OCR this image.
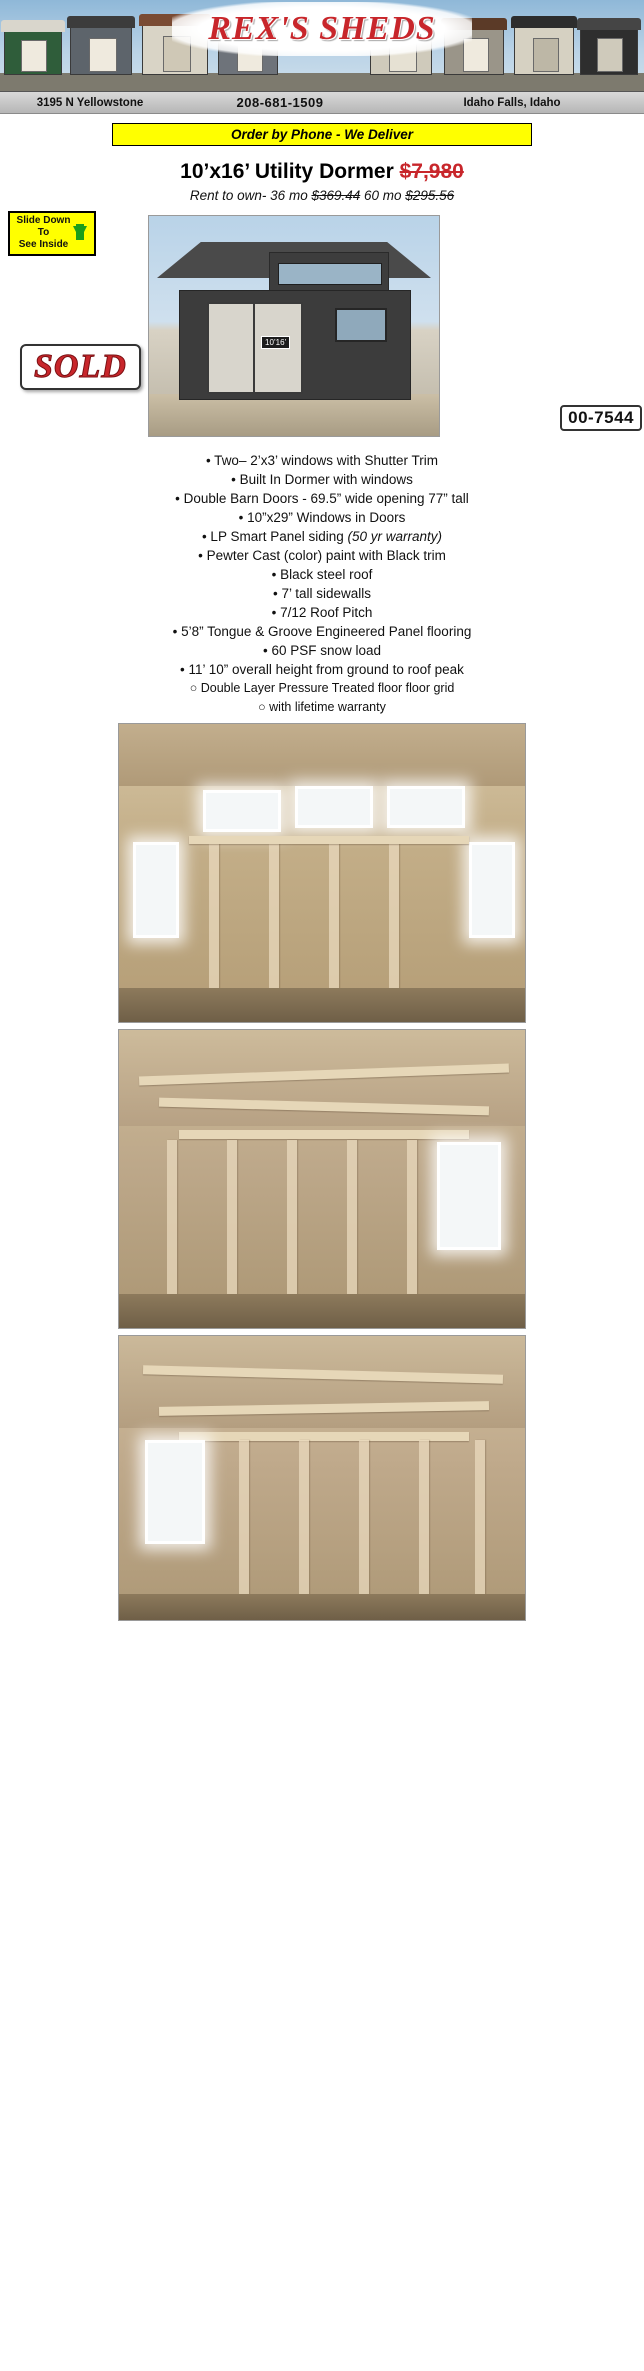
REX'S SHEDS
3195 N Yellowstone	208-681-1509	Idaho Falls, Idaho
Order by Phone - We Deliver
10’x16’ Utility Dormer $7,980
Rent to own- 36 mo $369.44 60 mo $295.56
Slide Down
To
See Inside
10’16’
SOLD
00-7544
• Two– 2’x3’ windows with Shutter Trim
• Built In Dormer with windows
• Double Barn Doors - 69.5” wide opening 77” tall
• 10”x29” Windows in Doors
• LP Smart Panel siding (50 yr warranty)
• Pewter Cast (color) paint with Black trim
• Black steel roof
• 7’ tall sidewalls
• 7/12 Roof Pitch
• 5’8” Tongue & Groove Engineered Panel flooring
• 60 PSF snow load
• 11’ 10” overall height from ground to roof peak
○ Double Layer Pressure Treated floor floor grid
○ with lifetime warranty
